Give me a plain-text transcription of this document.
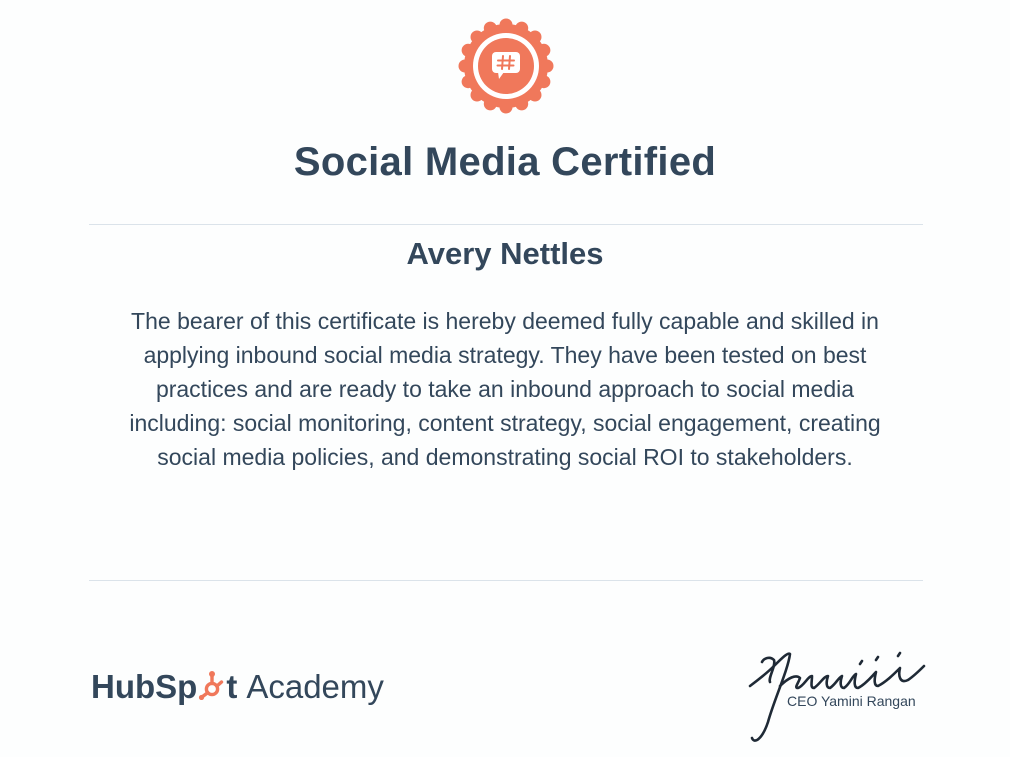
Social Media Certified
Avery Nettles
The bearer of this certificate is hereby deemed fully capable and skilled in
applying inbound social media strategy. They have been tested on best
practices and are ready to take an inbound approach to social media
including: social monitoring, content strategy, social engagement, creating
social media policies, and demonstrating social ROI to stakeholders.
HubSp t Academy	CEO Yamini Rangan
